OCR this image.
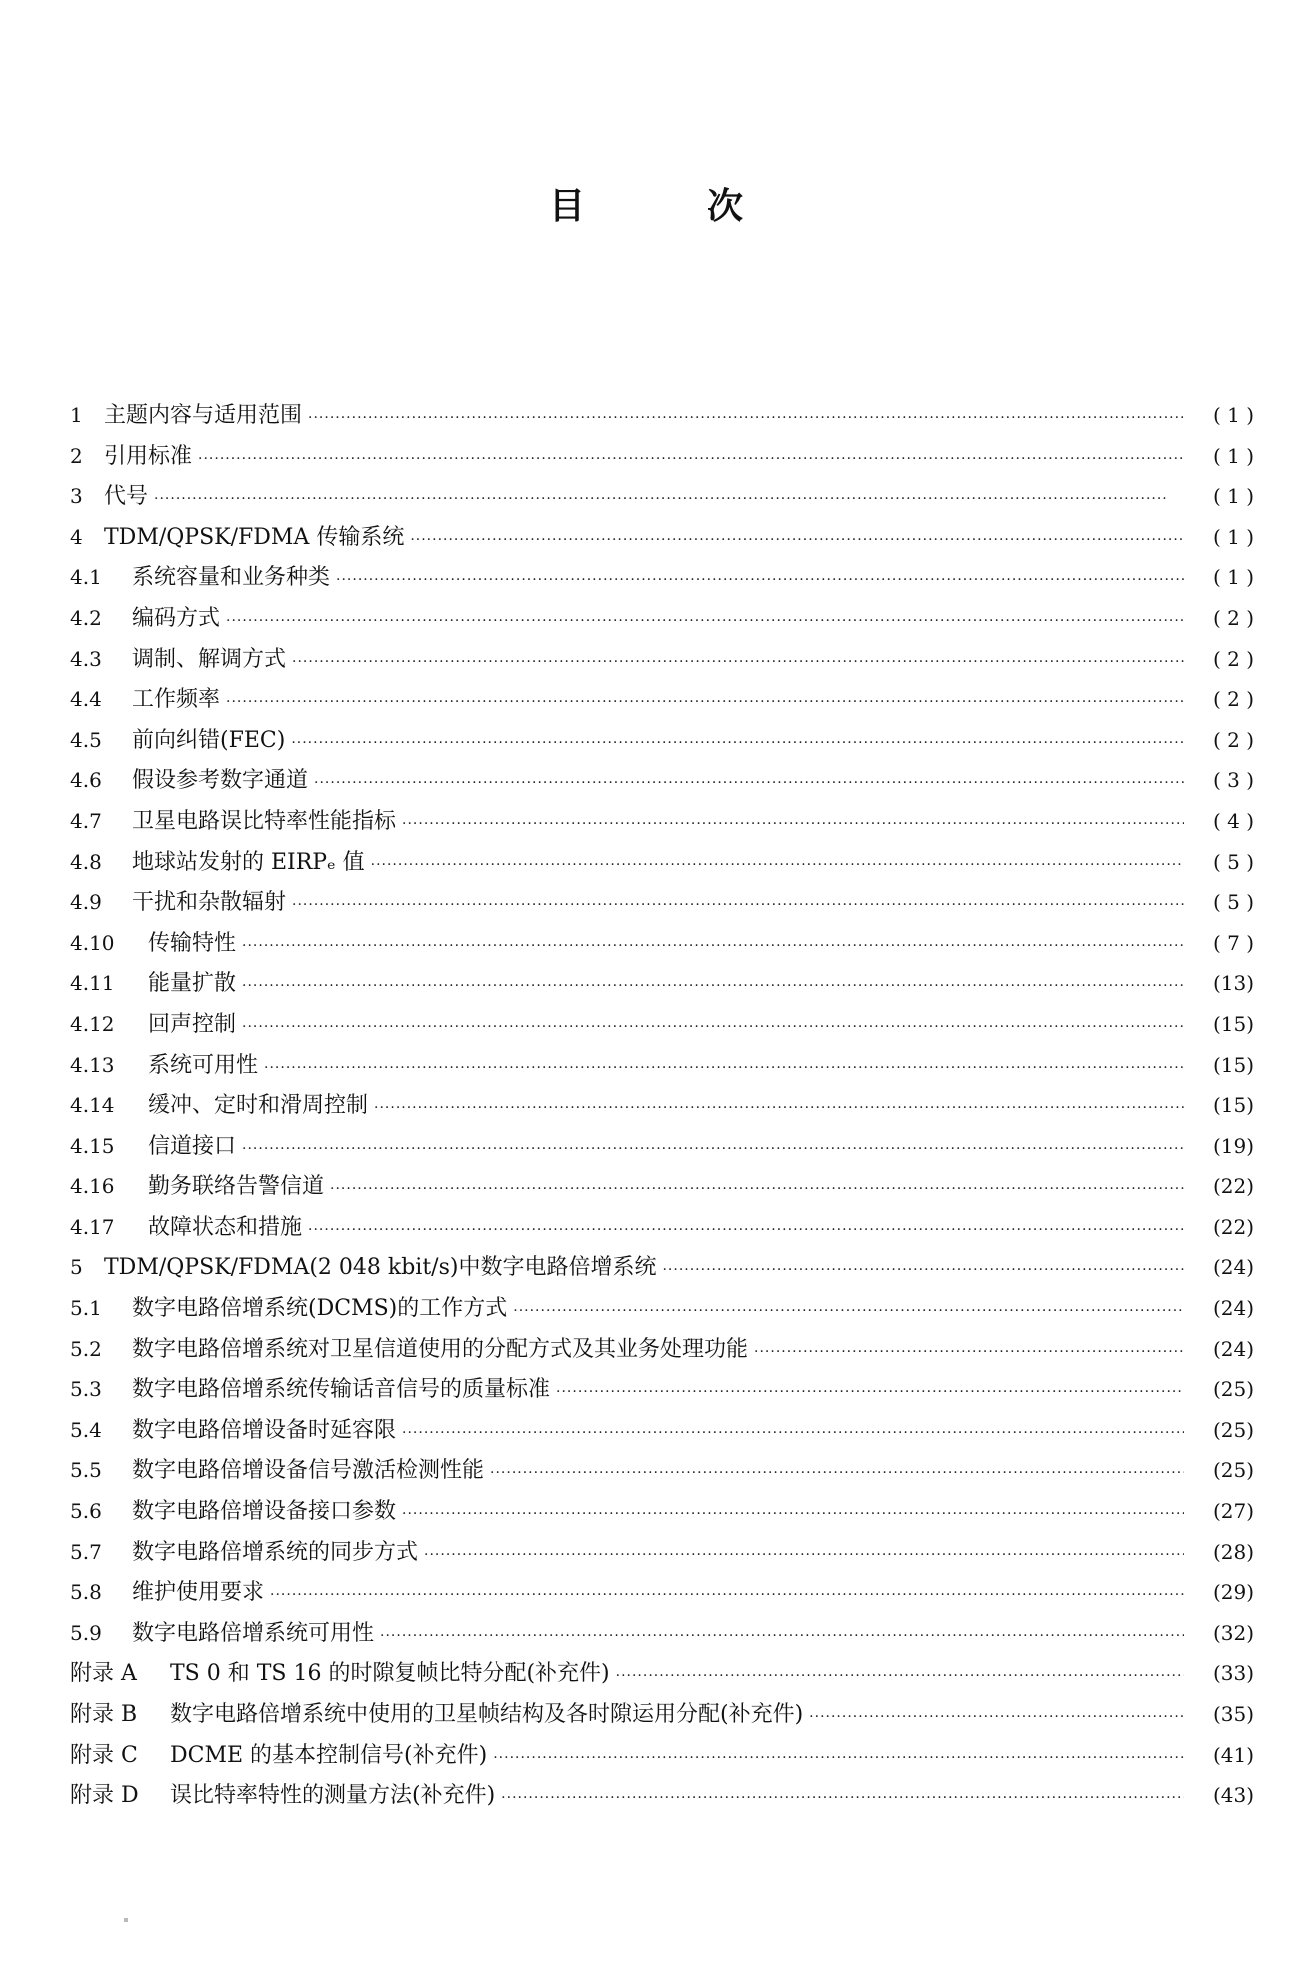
目	次
1 主题内容与适用范围 ·····	( 1 )
2 引用标准 ·····	( 1 )
3 代号 ·····	( 1 )
4 TDM/QPSK/FDMA 传输系统 ·····	( 1 )
4.1	系统容量和业务种类 ·····	( 1 )
4.2	编码方式 ·····	( 2 )
4.3	调制、解调方式 ·····	( 2 )
4.4	工作频率 ·····	( 2 )
4.5	前向纠错(FEC) ·····	( 2 )
4.6	假设参考数字通道 ·····	( 3 )
4.7	卫星电路误比特率性能指标 ·····	( 4 )
4.8	地球站发射的 EIRPₑ 值 ·····	( 5 )
4.9	干扰和杂散辐射 ·····	( 5 )
4.10	传输特性 ·····	( 7 )
4.11	能量扩散 ·····	(13)
4.12	回声控制 ·····	(15)
4.13	系统可用性 ·····	(15)
4.14	缓冲、定时和滑周控制 ·····	(15)
4.15	信道接口 ·····	(19)
4.16	勤务联络告警信道 ·····	(22)
4.17	故障状态和措施 ·····	(22)
5 TDM/QPSK/FDMA(2 048 kbit/s)中数字电路倍增系统 ·····	(24)
5.1	数字电路倍增系统(DCMS)的工作方式 ·····	(24)
5.2	数字电路倍增系统对卫星信道使用的分配方式及其业务处理功能 ·····	(24)
5.3	数字电路倍增系统传输话音信号的质量标准 ·····	(25)
5.4	数字电路倍增设备时延容限 ·····	(25)
5.5	数字电路倍增设备信号激活检测性能 ·····	(25)
5.6	数字电路倍增设备接口参数 ·····	(27)
5.7	数字电路倍增系统的同步方式 ·····	(28)
5.8	维护使用要求 ·····	(29)
5.9	数字电路倍增系统可用性 ·····	(32)
附录 A	TS 0 和 TS 16 的时隙复帧比特分配(补充件) ·····	(33)
附录 B	数字电路倍增系统中使用的卫星帧结构及各时隙运用分配(补充件) ·····	(35)
附录 C	DCME 的基本控制信号(补充件) ·····	(41)
附录 D	误比特率特性的测量方法(补充件) ·····	(43)
